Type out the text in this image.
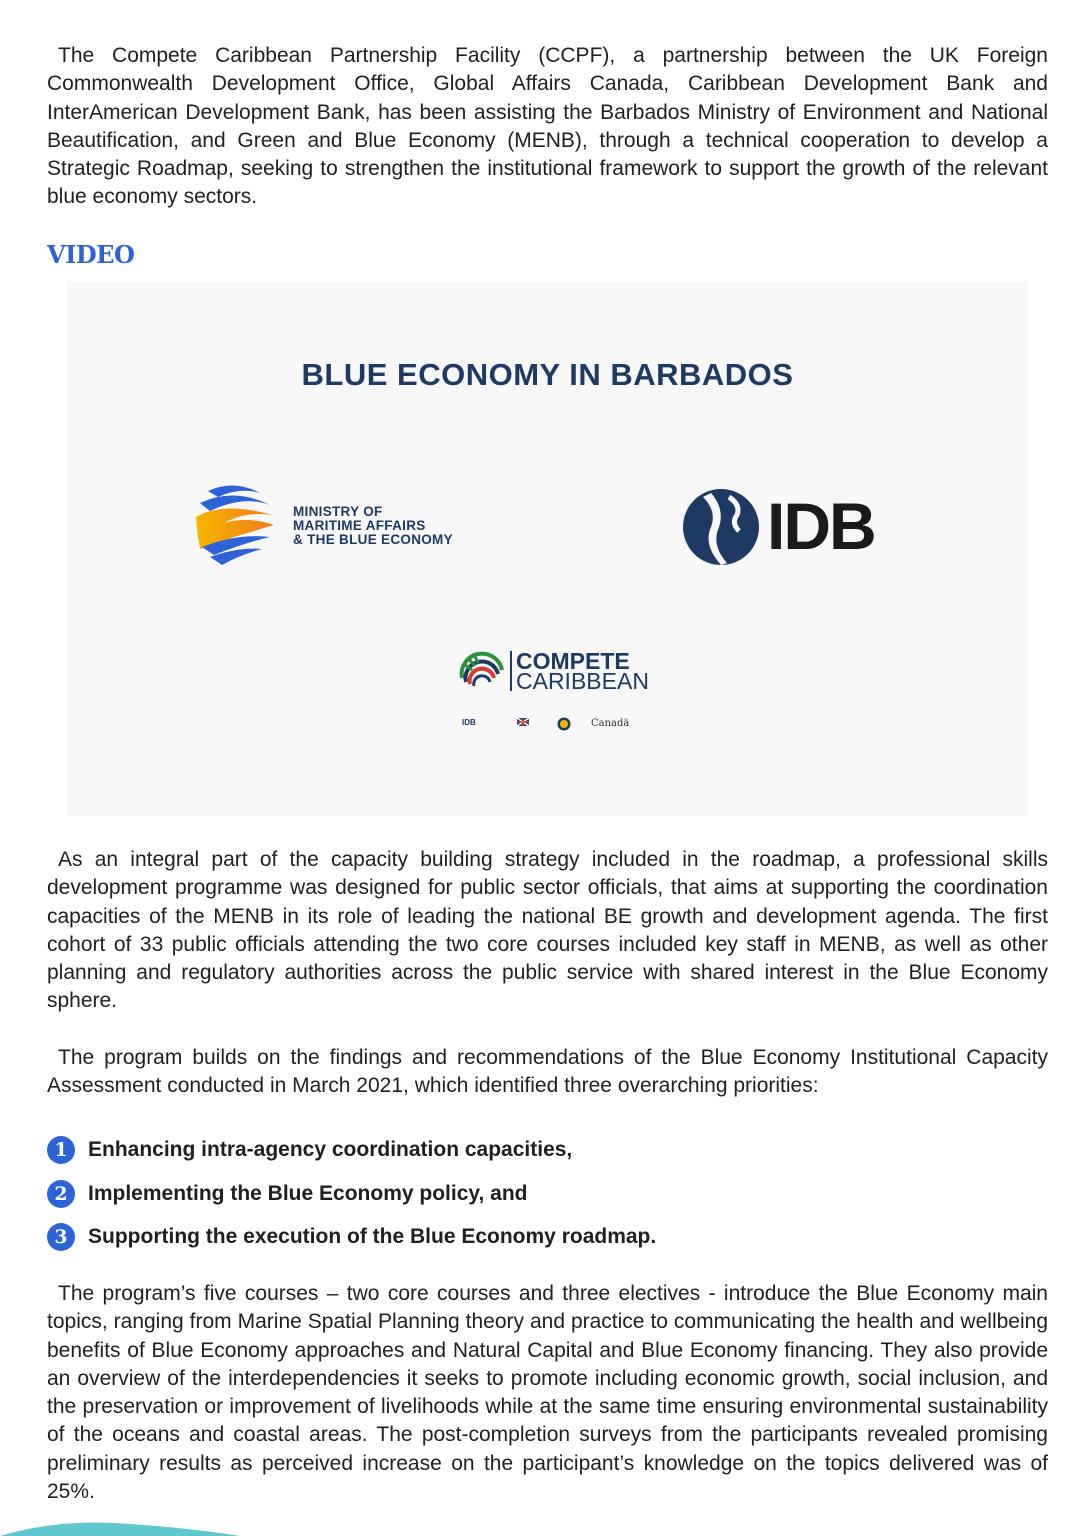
The Compete Caribbean Partnership Facility (CCPF), a partnership between the UK Foreign Commonwealth Development Office, Global Affairs Canada, Caribbean Development Bank and InterAmerican Development Bank, has been assisting the Barbados Ministry of Environment and National Beautification, and Green and Blue Economy (MENB), through a technical cooperation to develop a Strategic Roadmap, seeking to strengthen the institutional framework to support the growth of the relevant blue economy sectors.

VIDEO
BLUE ECONOMY IN BARBADOS
MINISTRY OF
MARITIME AFFAIRS
& THE BLUE ECONOMY	IDB
COMPETE
CARIBBEAN
IDB	Canadä

As an integral part of the capacity building strategy included in the roadmap, a professional skills development programme was designed for public sector officials, that aims at supporting the coordination capacities of the MENB in its role of leading the national BE growth and development agenda. The first cohort of 33 public officials attending the two core courses included key staff in MENB, as well as other planning and regulatory authorities across the public service with shared interest in the Blue Economy sphere.

The program builds on the findings and recommendations of the Blue Economy Institutional Capacity Assessment conducted in March 2021, which identified three overarching priorities:

1 Enhancing intra-agency coordination capacities,
2 Implementing the Blue Economy policy, and
3 Supporting the execution of the Blue Economy roadmap.

The program’s five courses – two core courses and three electives - introduce the Blue Economy main topics, ranging from Marine Spatial Planning theory and practice to communicating the health and wellbeing benefits of Blue Economy approaches and Natural Capital and Blue Economy financing. They also provide an overview of the interdependencies it seeks to promote including economic growth, social inclusion, and the preservation or improvement of livelihoods while at the same time ensuring environmental sustainability of the oceans and coastal areas. The post-completion surveys from the participants revealed promising preliminary results as perceived increase on the participant’s knowledge on the topics delivered was of 25%.
